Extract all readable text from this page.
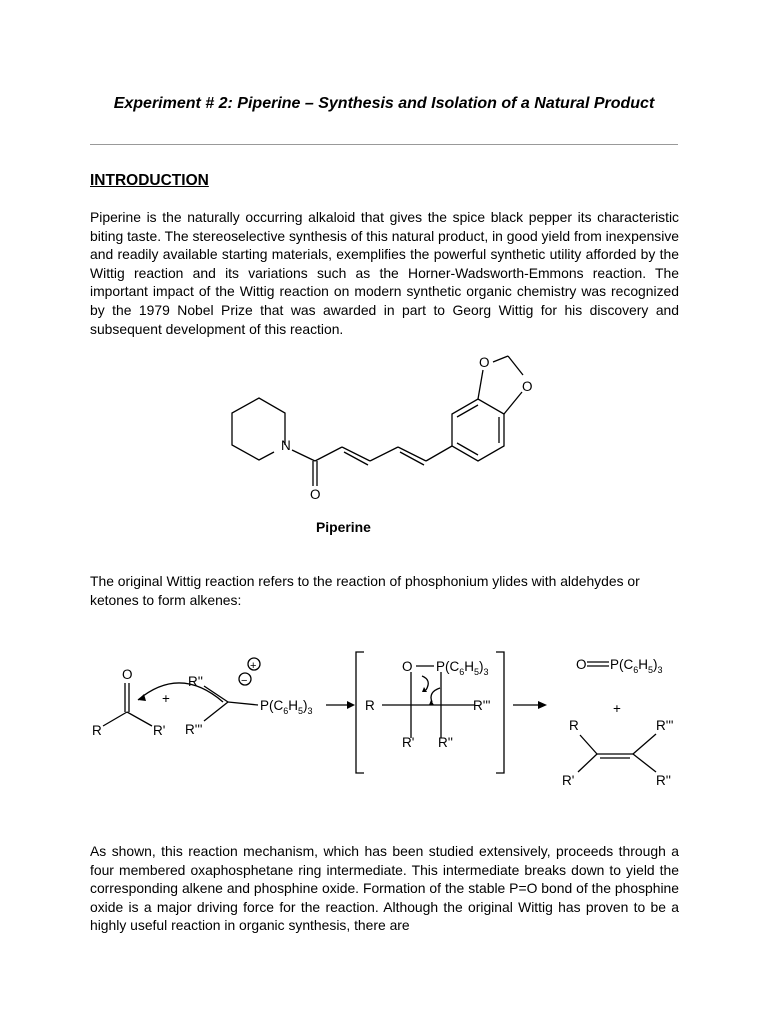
Experiment # 2: Piperine – Synthesis and Isolation of a Natural Product
INTRODUCTION

Piperine is the naturally occurring alkaloid that gives the spice black pepper its characteristic biting taste. The stereoselective synthesis of this natural product, in good yield from inexpensive and readily available starting materials, exemplifies the powerful synthetic utility afforded by the Wittig reaction and its variations such as the Horner-Wadsworth-Emmons reaction. The important impact of the Wittig reaction on modern synthetic organic chemistry was recognized by the 1979 Nobel Prize that was awarded in part to Georg Wittig for his discovery and subsequent development of this reaction.

N
O
O
O
Piperine

The original Wittig reaction refers to the reaction of phosphonium ylides with aldehydes or ketones to form alkenes:

O
R	R'
+
R''
R'''
+
−
$P(C_6H_5)_3$
O $P(C_6H_5)_3$
R	R'''
R' R''
O $P(C_6H_5)_3$
+
R	R'''
R'	R''

As shown, this reaction mechanism, which has been studied extensively, proceeds through a four membered oxaphosphetane ring intermediate. This intermediate breaks down to yield the corresponding alkene and phosphine oxide. Formation of the stable P=O bond of the phosphine oxide is a major driving force for the reaction. Although the original Wittig has proven to be a highly useful reaction in organic synthesis, there are
